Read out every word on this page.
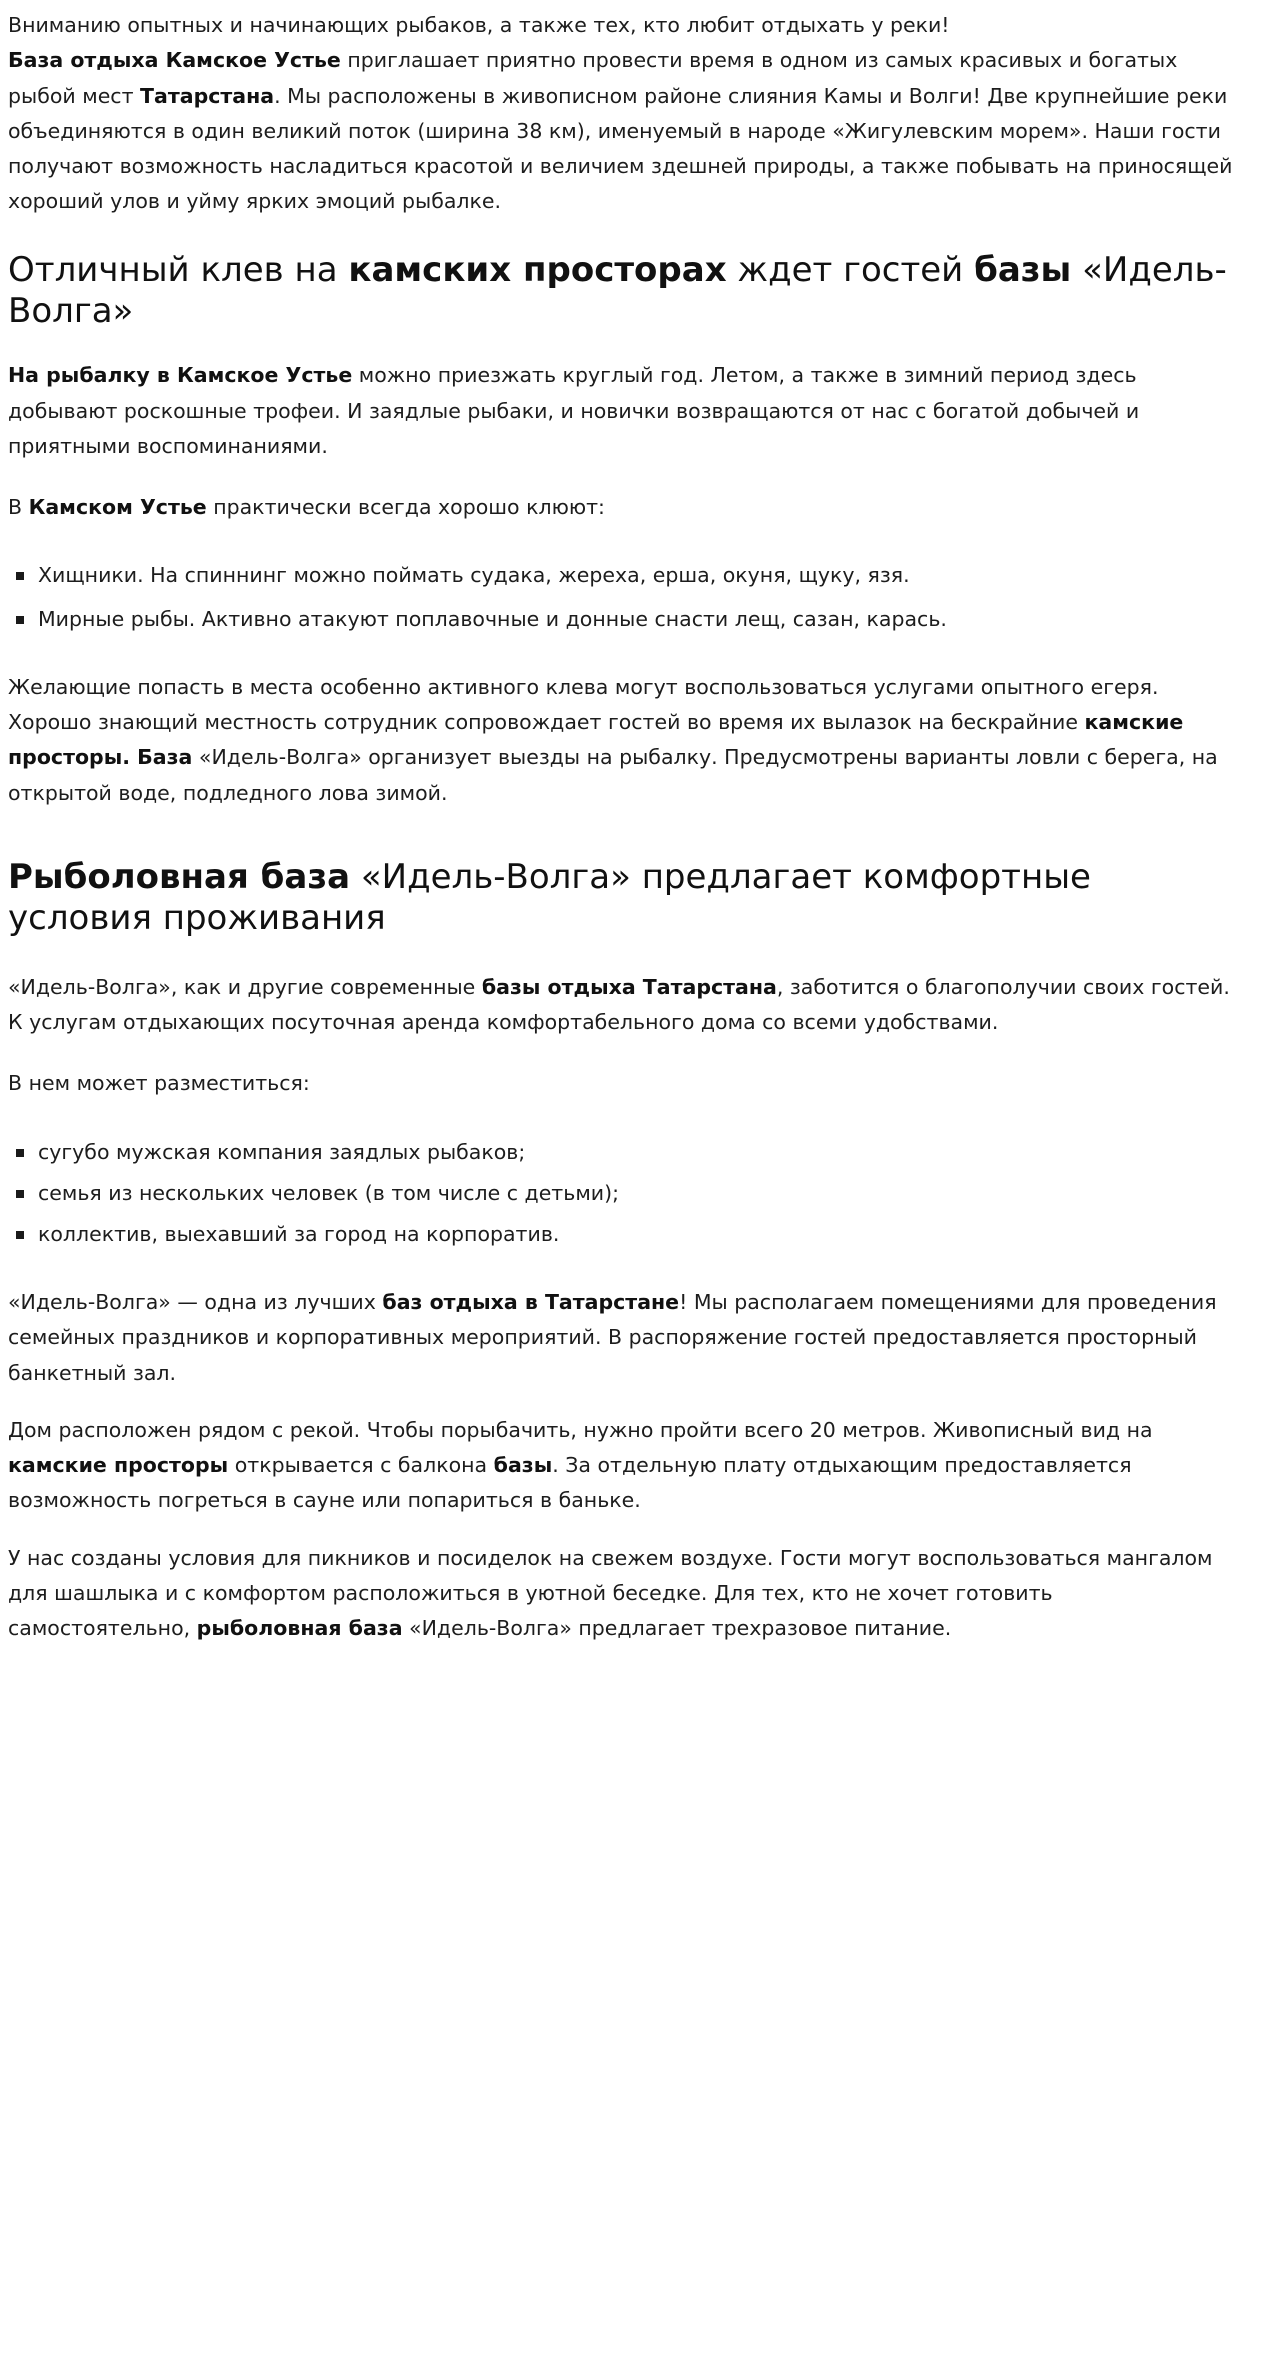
Вниманию опытных и начинающих рыбаков, а также тех, кто любит отдыхать у реки!
База отдыха Камское Устье приглашает приятно провести время в одном из самых красивых и богатых рыбой мест Татарстана. Мы расположены в живописном районе слияния Камы и Волги! Две крупнейшие реки объединяются в один великий поток (ширина 38 км), именуемый в народе «Жигулевским морем». Наши гости получают возможность насладиться красотой и величием здешней природы, а также побывать на приносящей хороший улов и уйму ярких эмоций рыбалке.

Отличный клев на камских просторах ждет гостей базы «Идель-Волга»

На рыбалку в Камское Устье можно приезжать круглый год. Летом, а также в зимний период здесь добывают роскошные трофеи. И заядлые рыбаки, и новички возвращаются от нас с богатой добычей и приятными воспоминаниями.

В Камском Устье практически всегда хорошо клюют:

Хищники. На спиннинг можно поймать судака, жереха, ерша, окуня, щуку, язя.
Мирные рыбы. Активно атакуют поплавочные и донные снасти лещ, сазан, карась.

Желающие попасть в места особенно активного клева могут воспользоваться услугами опытного егеря. Хорошо знающий местность сотрудник сопровождает гостей во время их вылазок на бескрайние камские просторы. База «Идель-Волга» организует выезды на рыбалку. Предусмотрены варианты ловли с берега, на открытой воде, подледного лова зимой.

Рыболовная база «Идель-Волга» предлагает комфортные условия проживания

«Идель-Волга», как и другие современные базы отдыха Татарстана, заботится о благополучии своих гостей. К услугам отдыхающих посуточная аренда комфортабельного дома со всеми удобствами.

В нем может разместиться:

сугубо мужская компания заядлых рыбаков;
семья из нескольких человек (в том числе с детьми);
коллектив, выехавший за город на корпоратив.

«Идель-Волга» — одна из лучших баз отдыха в Татарстане! Мы располагаем помещениями для проведения семейных праздников и корпоративных мероприятий. В распоряжение гостей предоставляется просторный банкетный зал.

Дом расположен рядом с рекой. Чтобы порыбачить, нужно пройти всего 20 метров. Живописный вид на камские просторы открывается с балкона базы. За отдельную плату отдыхающим предоставляется возможность погреться в сауне или попариться в баньке.

У нас созданы условия для пикников и посиделок на свежем воздухе. Гости могут воспользоваться мангалом для шашлыка и с комфортом расположиться в уютной беседке. Для тех, кто не хочет готовить самостоятельно, рыболовная база «Идель-Волга» предлагает трехразовое питание.
